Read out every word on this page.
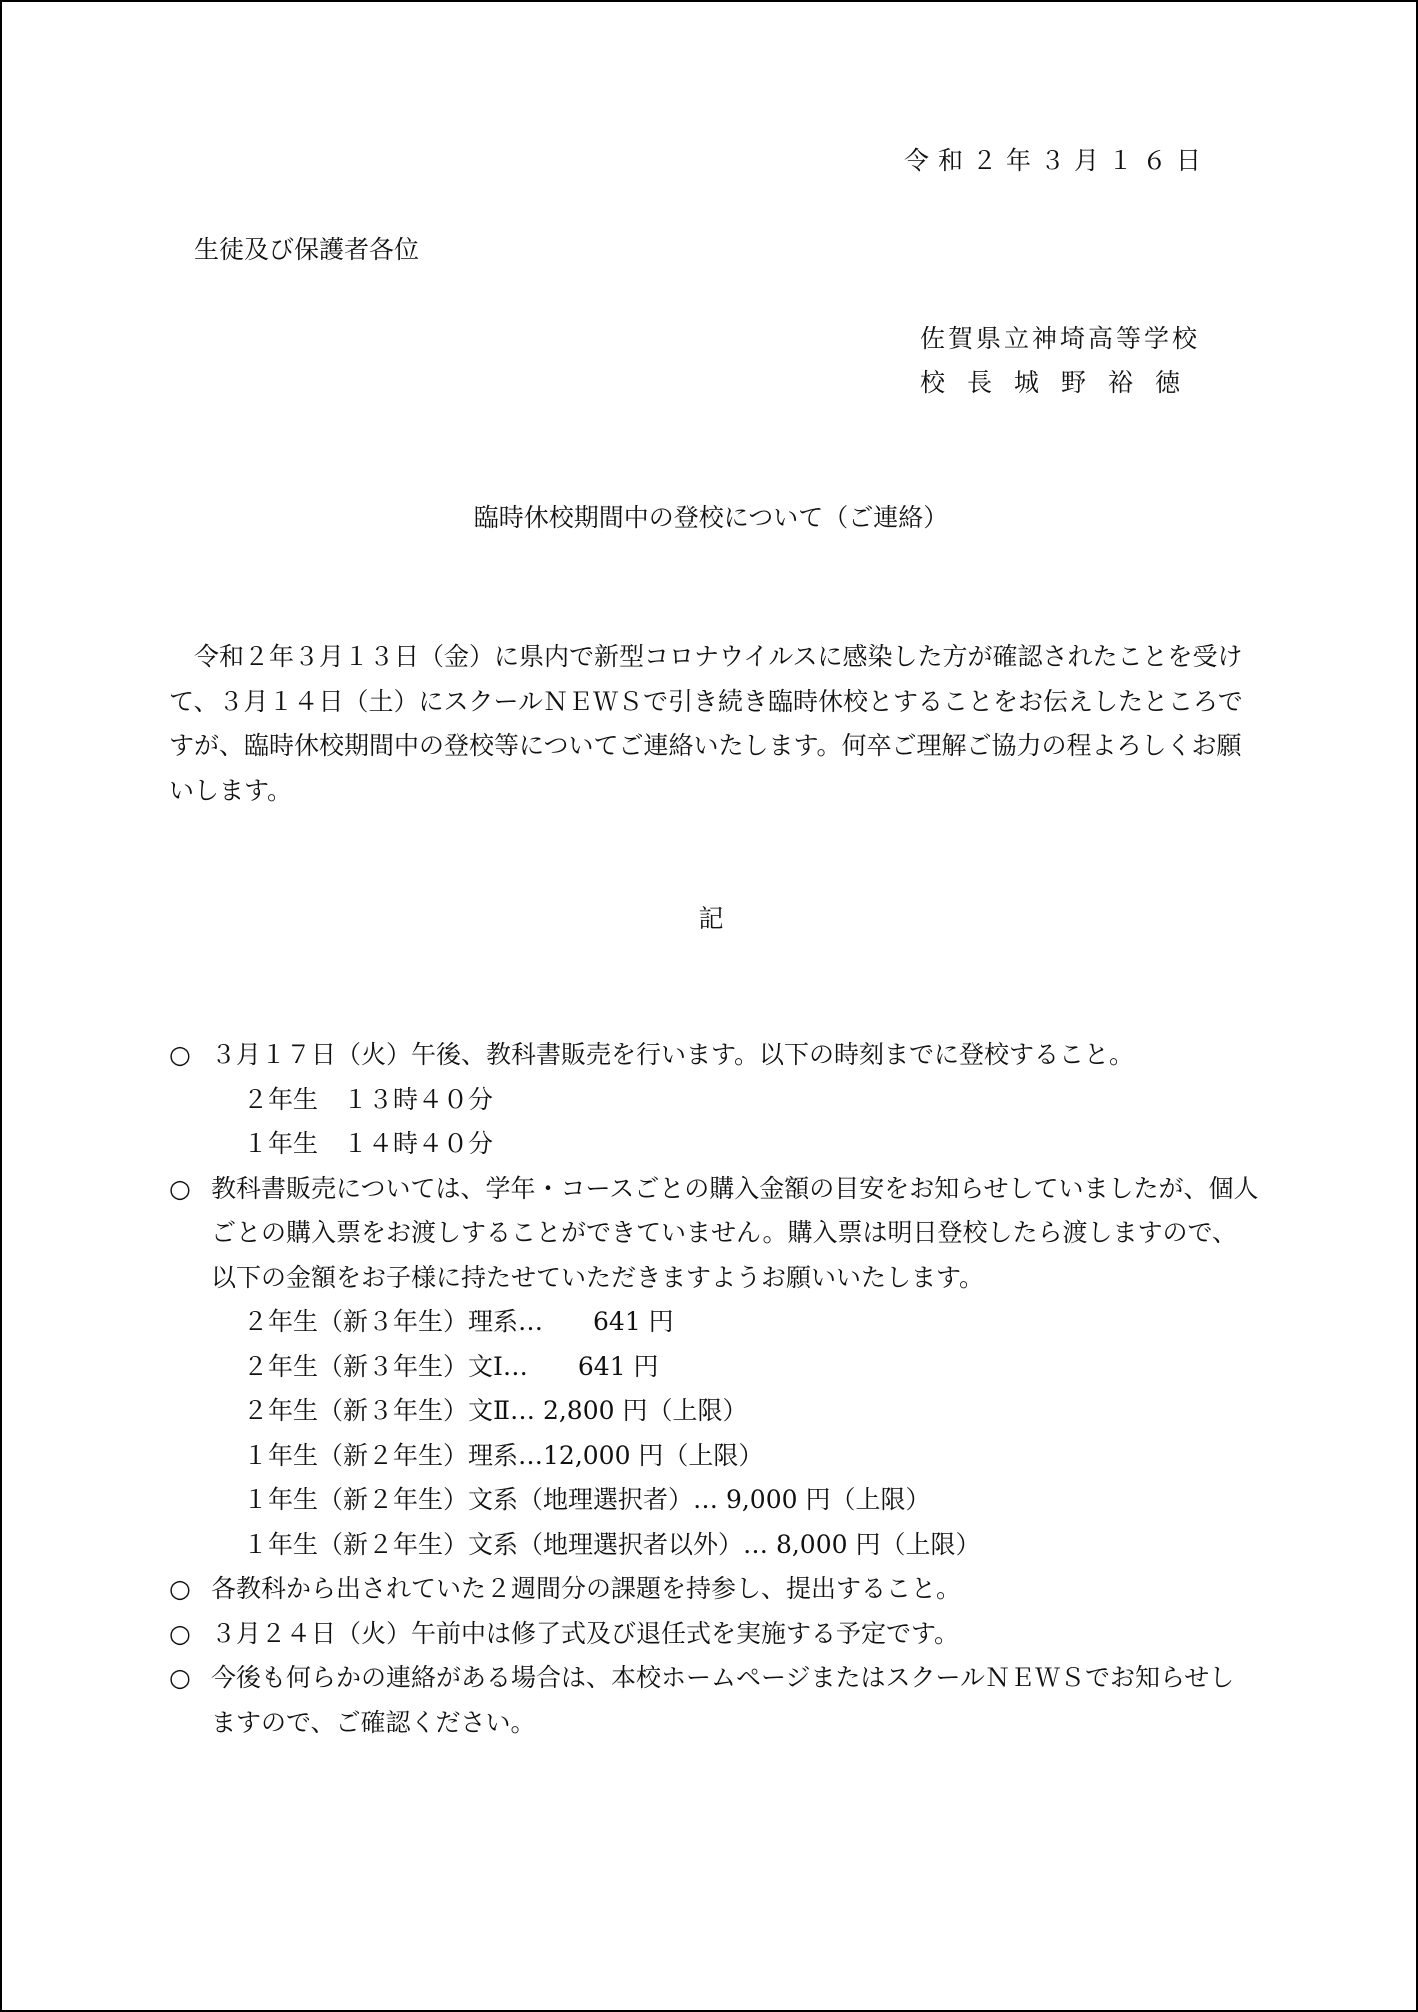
令和２年３月１６日
生徒及び保護者各位
佐賀県立神埼高等学校
校長城野裕徳
臨時休校期間中の登校について（ご連絡）

　令和２年３月１３日（金）に県内で新型コロナウイルスに感染した方が確認されたことを受けて、３月１４日（土）にスクールＮＥＷＳで引き続き臨時休校とすることをお伝えしたところですが、臨時休校期間中の登校等についてご連絡いたします。何卒ご理解ご協力の程よろしくお願いします。

記
○ ３月１７日（火）午後、教科書販売を行います。以下の時刻までに登校すること。
２年生　１３時４０分
１年生　１４時４０分
○ 教科書販売については、学年・コースごとの購入金額の目安をお知らせしていましたが、個人ごとの購入票をお渡しすることができていません。購入票は明日登校したら渡しますので、以下の金額をお子様に持たせていただきますようお願いいたします。
２年生（新３年生）理系…　　641 円
２年生（新３年生）文Ⅰ…　　641 円
２年生（新３年生）文Ⅱ… 2,800 円（上限）
１年生（新２年生）理系…12,000 円（上限）
１年生（新２年生）文系（地理選択者）… 9,000 円（上限）
１年生（新２年生）文系（地理選択者以外）… 8,000 円（上限）
○ 各教科から出されていた２週間分の課題を持参し、提出すること。
○ ３月２４日（火）午前中は修了式及び退任式を実施する予定です。
○ 今後も何らかの連絡がある場合は、本校ホームページまたはスクールＮＥＷＳでお知らせしますので、ご確認ください。
